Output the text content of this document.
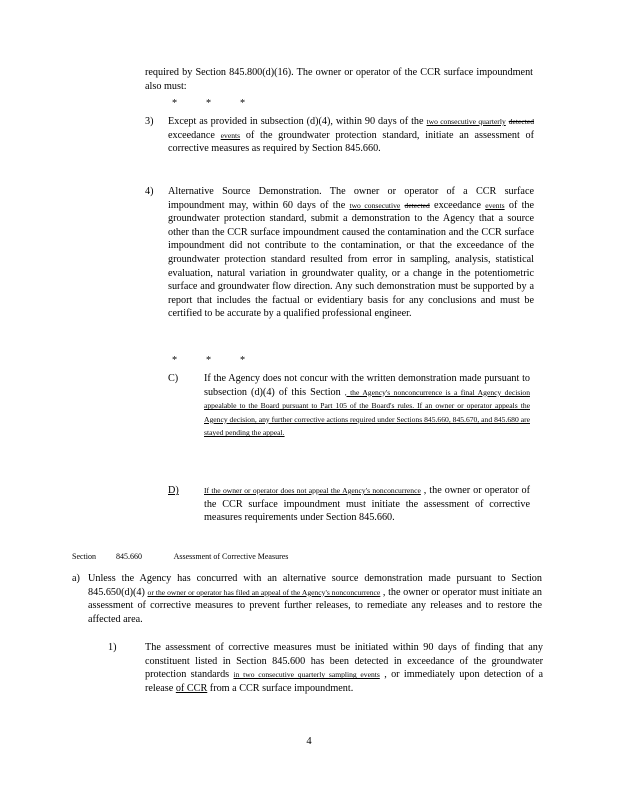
required by Section 845.800(d)(16). The owner or operator of the CCR surface impoundment also must:
*	*	*
3) Except as provided in subsection (d)(4), within 90 days of the two consecutive quarterly detected exceedance events of the groundwater protection standard, initiate an assessment of corrective measures as required by Section 845.660.
4) Alternative Source Demonstration. The owner or operator of a CCR surface impoundment may, within 60 days of the two consecutive detected exceedance events of the groundwater protection standard, submit a demonstration to the Agency that a source other than the CCR surface impoundment caused the contamination and the CCR surface impoundment did not contribute to the contamination, or that the exceedance of the groundwater protection standard resulted from error in sampling, analysis, statistical evaluation, natural variation in groundwater quality, or a change in the potentiometric surface and groundwater flow direction. Any such demonstration must be supported by a report that includes the factual or evidentiary basis for any conclusions and must be certified to be accurate by a qualified professional engineer.
*	*	*
C)	If the Agency does not concur with the written demonstration made pursuant to subsection (d)(4) of this Section , the Agency's nonconcurrence is a final Agency decision appealable to the Board pursuant to Part 105 of the Board's rules. If an owner or operator appeals the Agency decision, any further corrective actions required under Sections 845.660, 845.670, and 845.680 are stayed pending the appeal.
D)	If the owner or operator does not appeal the Agency's nonconcurrence , the owner or operator of the CCR surface impoundment must initiate the assessment of corrective measures requirements under Section 845.660.
Section	845.660	Assessment of Corrective Measures
a) Unless the Agency has concurred with an alternative source demonstration made pursuant to Section 845.650(d)(4) or the owner or operator has filed an appeal of the Agency's nonconcurrence , the owner or operator must initiate an assessment of corrective measures to prevent further releases, to remediate any releases and to restore the affected area.
1)	The assessment of corrective measures must be initiated within 90 days of finding that any constituent listed in Section 845.600 has been detected in exceedance of the groundwater protection standards in two consecutive quarterly sampling events , or immediately upon detection of a release of CCR from a CCR surface impoundment.
4
